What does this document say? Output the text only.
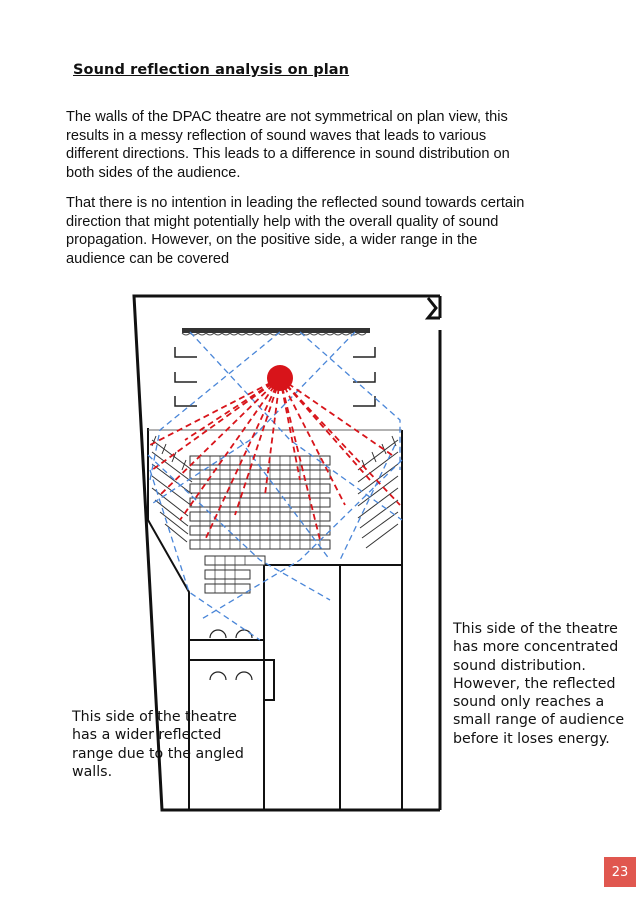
Sound reflection analysis on plan
The walls of the DPAC theatre are not symmetrical on plan view, this results in a messy reflection of sound waves that leads to various different directions. This leads to a difference in sound distribution on both sides of the audience.
That there is no intention in leading the reflected sound towards certain direction that might potentially help with the overall quality of sound propagation. However, on the positive side, a wider range in the audience can be covered
This side of the theatre has more concentrated sound distribution. However, the reflected sound only reaches a small range of audience before it loses energy.
This side of the theatre has a wider reflected range due to the angled walls.
23
